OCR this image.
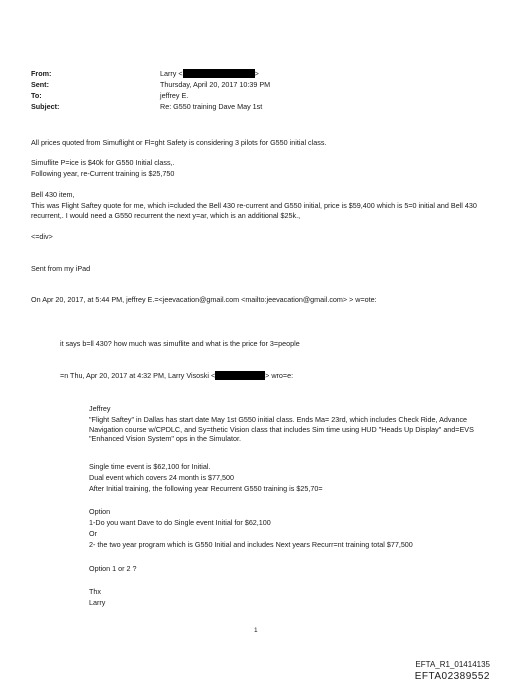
From:
Sent:
To:
Subject:
Larry <	>
Thursday, April 20, 2017 10:39 PM
jeffrey E.
Re: G550 training Dave May 1st
All prices quoted from Simuflight or Fl=ght Safety is considering 3 pilots for G550 initial class.
Simuflite P=ice is $40k for G550 Initial class,.
Following year, re-Current training is $25,750
Bell 430 item,
This was Flight Saftey quote for me, which i=cluded the Bell 430 re-current and G550 initial, price is $59,400 which is 5=0 initial and Bell 430 recurrent,. I would need a G550 recurrent the next y=ar, which is an additional $25k.,
<=div>
Sent from my iPad
On Apr 20, 2017, at 5:44 PM, jeffrey E.=<jeevacation@gmail.com <mailto:jeevacation@gmail.com> > w=ote:
it says b=ll 430? how much was simuflite and what is the price for 3=people
=n Thu, Apr 20, 2017 at 4:32 PM, Larry Visoski <	> wro=e:
Jeffrey
"Flight Saftey" in Dallas has start date May 1st G550 initial class. Ends Ma= 23rd, which includes Check Ride, Advance Navigation course w/CPDLC, and Sy=thetic Vision class that includes Sim time using HUD "Heads Up Display" and=EVS "Enhanced Vision System" ops in the Simulator.
Single time event is $62,100 for Initial.
Dual event which covers 24 month is $77,500
After Initial training, the following year Recurrent G550 training is $25,70=
Option
1-Do you want Dave to do Single event Initial for $62,100
Or
2- the two year program which is G550 Initial and includes Next years Recurr=nt training total $77,500
Option 1 or 2 ?
Thx
Larry
1
EFTA_R1_01414135
EFTA02389552
